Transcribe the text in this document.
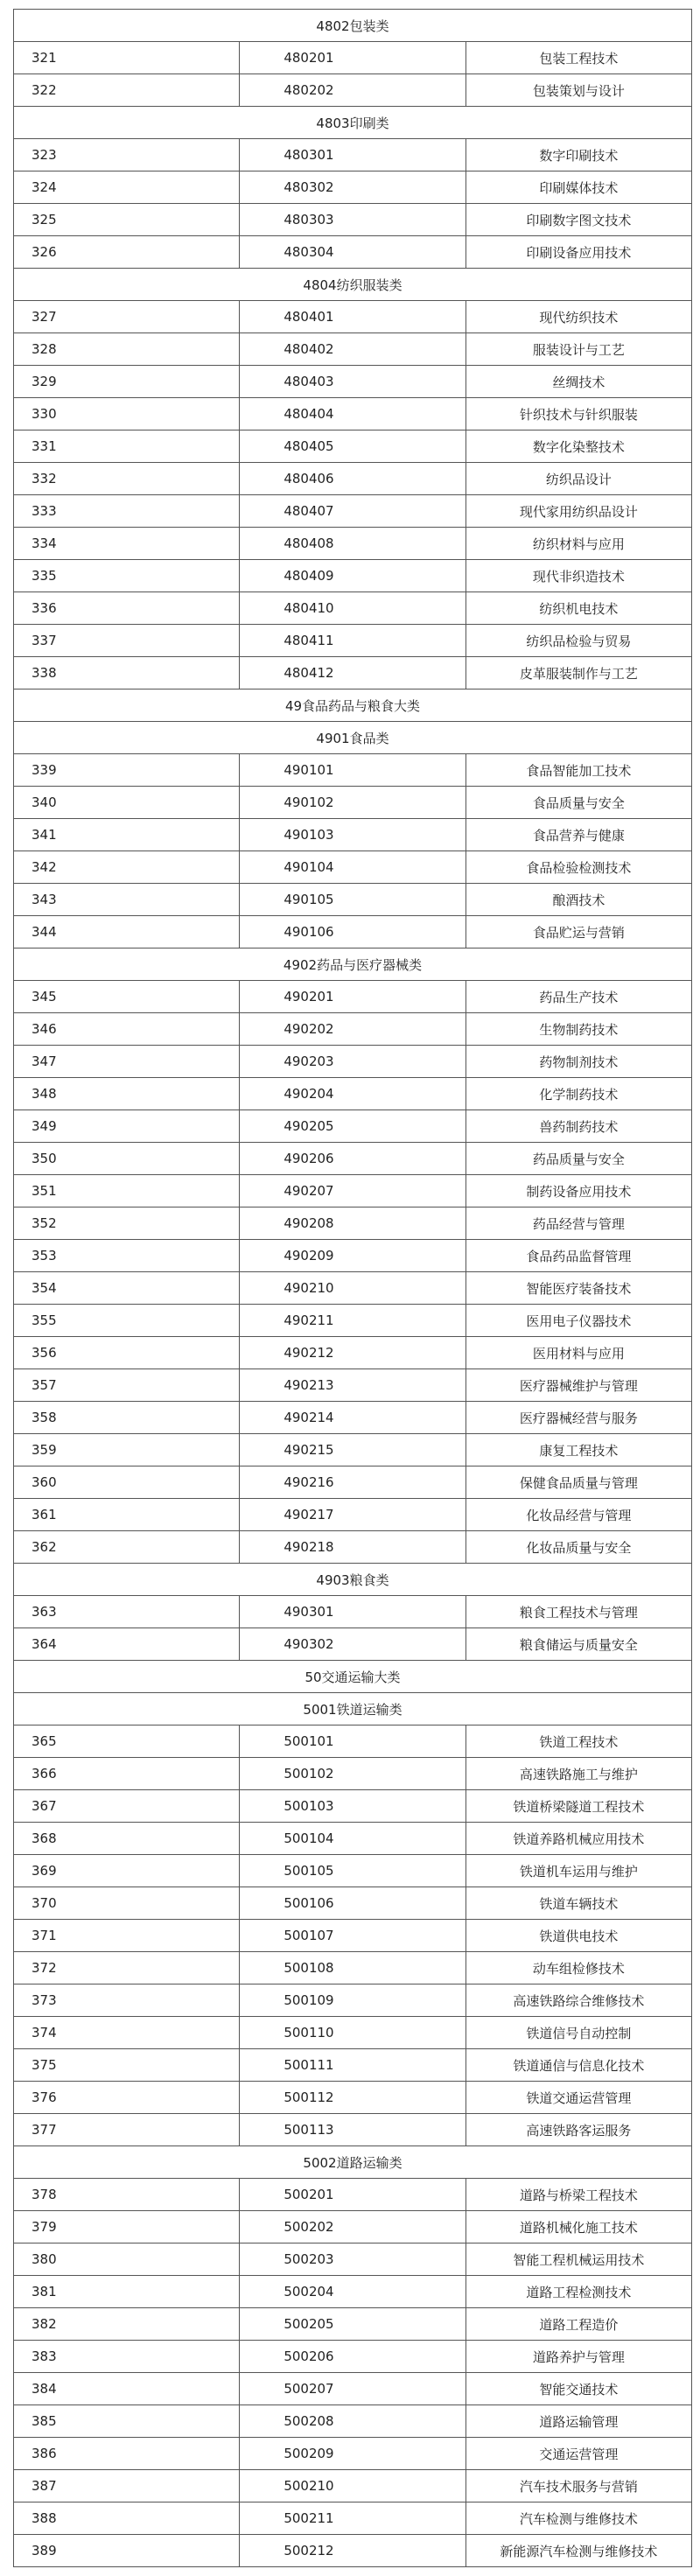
4802包装类		
321	480201	包装工程技术
322	480202	包装策划与设计
4803印刷类		
323	480301	数字印刷技术
324	480302	印刷媒体技术
325	480303	印刷数字图文技术
326	480304	印刷设备应用技术
4804纺织服装类		
327	480401	现代纺织技术
328	480402	服装设计与工艺
329	480403	丝绸技术
330	480404	针织技术与针织服装
331	480405	数字化染整技术
332	480406	纺织品设计
333	480407	现代家用纺织品设计
334	480408	纺织材料与应用
335	480409	现代非织造技术
336	480410	纺织机电技术
337	480411	纺织品检验与贸易
338	480412	皮革服装制作与工艺
49食品药品与粮食大类		
4901食品类		
339	490101	食品智能加工技术
340	490102	食品质量与安全
341	490103	食品营养与健康
342	490104	食品检验检测技术
343	490105	酿酒技术
344	490106	食品贮运与营销
4902药品与医疗器械类		
345	490201	药品生产技术
346	490202	生物制药技术
347	490203	药物制剂技术
348	490204	化学制药技术
349	490205	兽药制药技术
350	490206	药品质量与安全
351	490207	制药设备应用技术
352	490208	药品经营与管理
353	490209	食品药品监督管理
354	490210	智能医疗装备技术
355	490211	医用电子仪器技术
356	490212	医用材料与应用
357	490213	医疗器械维护与管理
358	490214	医疗器械经营与服务
359	490215	康复工程技术
360	490216	保健食品质量与管理
361	490217	化妆品经营与管理
362	490218	化妆品质量与安全
4903粮食类		
363	490301	粮食工程技术与管理
364	490302	粮食储运与质量安全
50交通运输大类		
5001铁道运输类		
365	500101	铁道工程技术
366	500102	高速铁路施工与维护
367	500103	铁道桥梁隧道工程技术
368	500104	铁道养路机械应用技术
369	500105	铁道机车运用与维护
370	500106	铁道车辆技术
371	500107	铁道供电技术
372	500108	动车组检修技术
373	500109	高速铁路综合维修技术
374	500110	铁道信号自动控制
375	500111	铁道通信与信息化技术
376	500112	铁道交通运营管理
377	500113	高速铁路客运服务
5002道路运输类		
378	500201	道路与桥梁工程技术
379	500202	道路机械化施工技术
380	500203	智能工程机械运用技术
381	500204	道路工程检测技术
382	500205	道路工程造价
383	500206	道路养护与管理
384	500207	智能交通技术
385	500208	道路运输管理
386	500209	交通运营管理
387	500210	汽车技术服务与营销
388	500211	汽车检测与维修技术
389	500212	新能源汽车检测与维修技术
